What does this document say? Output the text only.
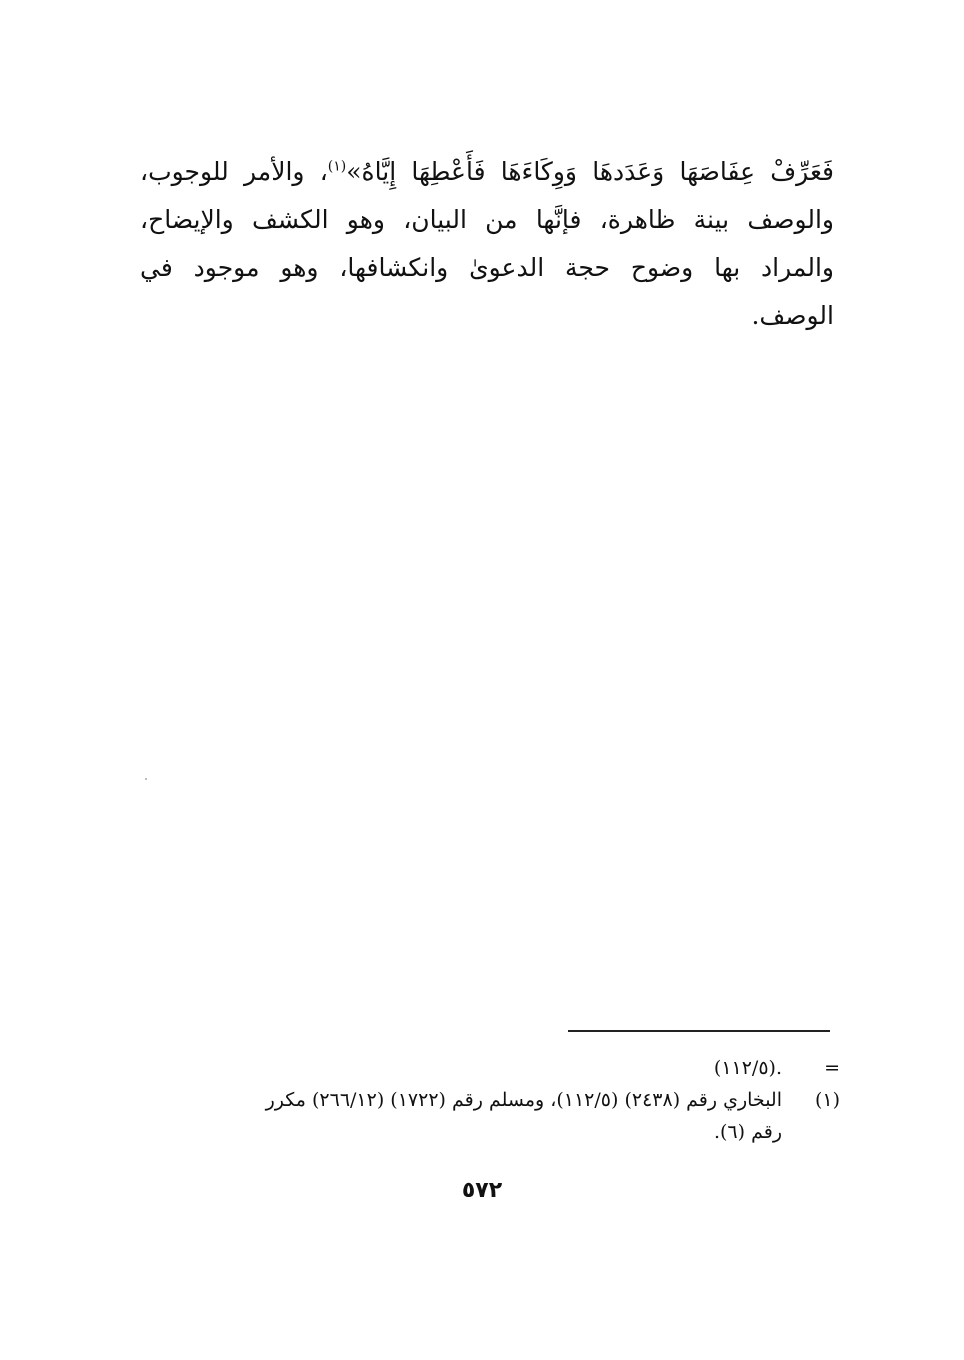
فَعَرِّفْ عِفَاصَهَا وَعَدَدهَا وَوِكَاءَهَا فَأَعْطِهَا إِيَّاهُ»$^{(١)}$، والأمر للوجوب،
والوصف بينة ظاهرة، فإنَّها من البيان، وهو الكشف والإيضاح،
والمراد بها وضوح حجة الدعوىٰ وانكشافها، وهو موجود في
الوصف.
=
.(١١٢/٥)
(١)
البخاري رقم (٢٤٣٨) (١١٢/٥)، ومسلم رقم (١٧٢٢) (٢٦٦/١٢) مكرر
رقم (٦).
٥٧٢
